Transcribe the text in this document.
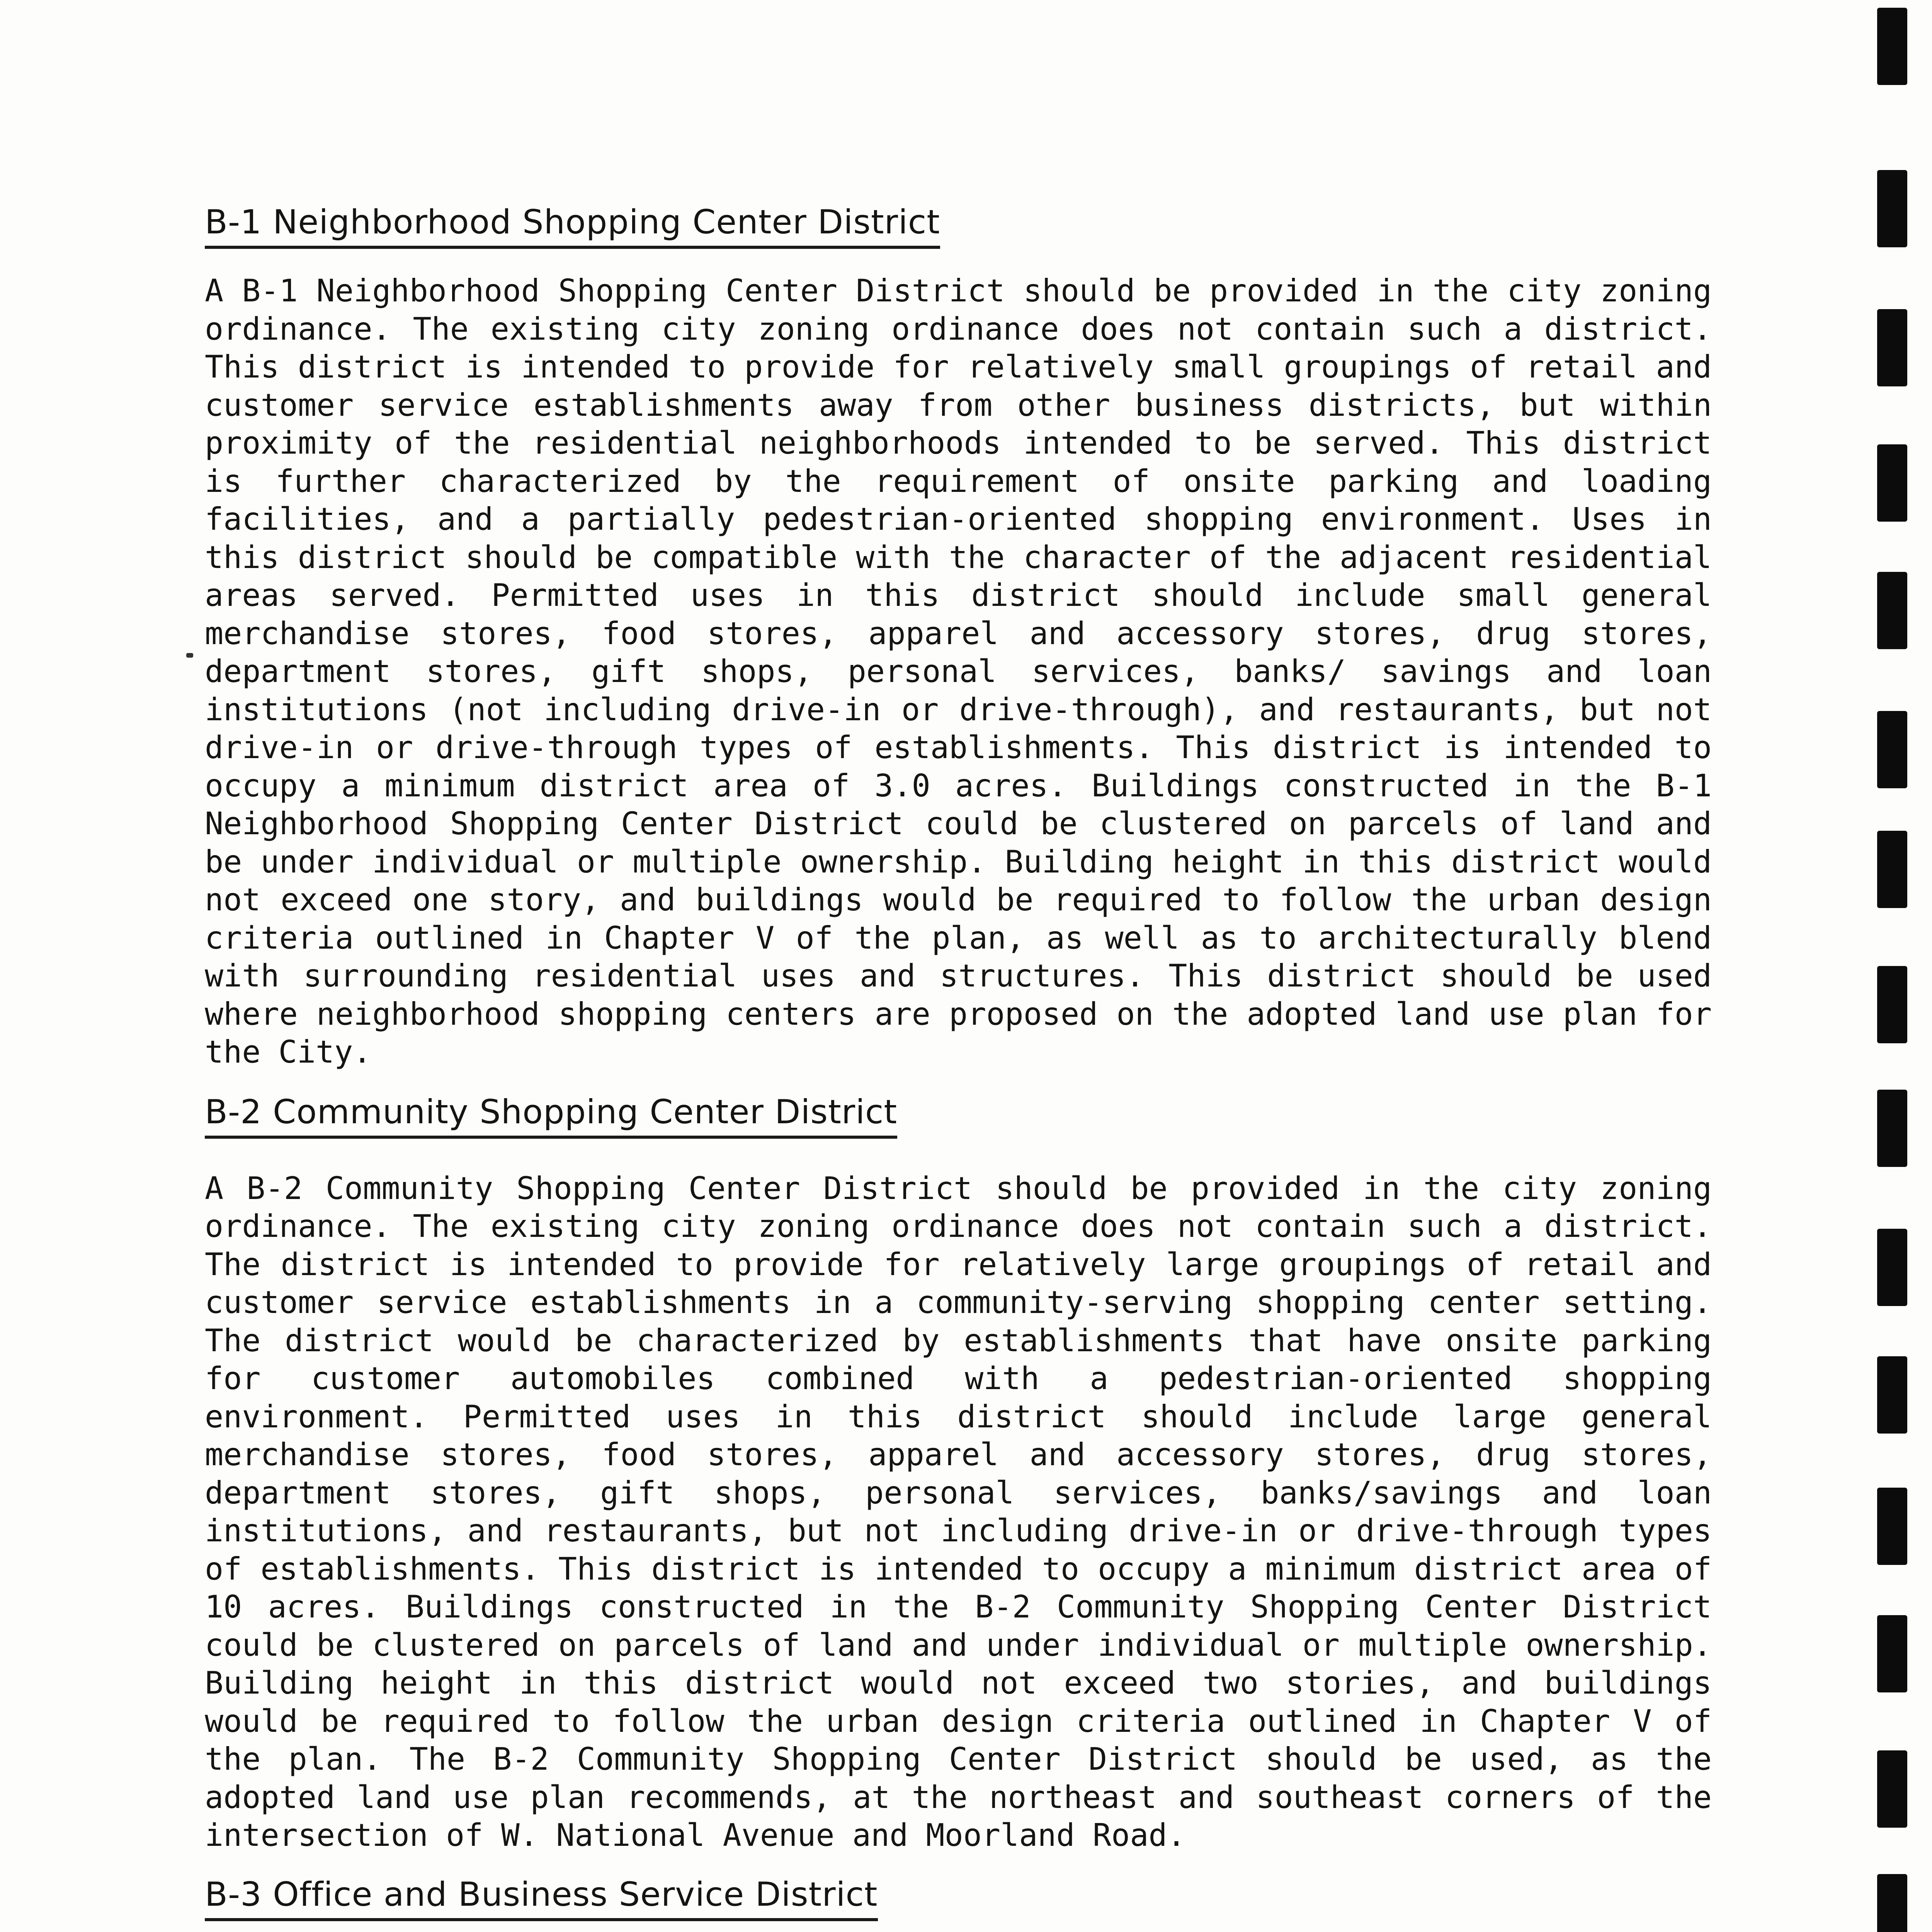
B-1 Neighborhood Shopping Center District

A B-1 Neighborhood Shopping Center District should be provided in the city zoning ordinance. The existing city zoning ordinance does not contain such a district. This district is intended to provide for relatively small groupings of retail and customer service establishments away from other business districts, but within proximity of the residential neighborhoods intended to be served. This district is further characterized by the requirement of onsite parking and loading facilities, and a partially pedestrian-oriented shopping environment. Uses in this district should be compatible with the character of the adjacent residential areas served. Permitted uses in this district should include small general merchandise stores, food stores, apparel and accessory stores, drug stores, department stores, gift shops, personal services, banks/ savings and loan institutions (not including drive-in or drive-through), and restaurants, but not drive-in or drive-through types of establishments. This district is intended to occupy a minimum district area of 3.0 acres. Buildings constructed in the B-1 Neighborhood Shopping Center District could be clustered on parcels of land and be under individual or multiple ownership. Building height in this district would not exceed one story, and buildings would be required to follow the urban design criteria outlined in Chapter V of the plan, as well as to architecturally blend with surrounding residential uses and structures. This district should be used where neighborhood shopping centers are proposed on the adopted land use plan for the City.

B-2 Community Shopping Center District

A B-2 Community Shopping Center District should be provided in the city zoning ordinance. The existing city zoning ordinance does not contain such a district. The district is intended to provide for relatively large groupings of retail and customer service establishments in a community-serving shopping center setting. The district would be characterized by establishments that have onsite parking for customer automobiles combined with a pedestrian-oriented shopping environment. Permitted uses in this district should include large general merchandise stores, food stores, apparel and accessory stores, drug stores, department stores, gift shops, personal services, banks/savings and loan institutions, and restaurants, but not including drive-in or drive-through types of establishments. This district is intended to occupy a minimum district area of 10 acres. Buildings constructed in the B-2 Community Shopping Center District could be clustered on parcels of land and under individual or multiple ownership. Building height in this district would not exceed two stories, and buildings would be required to follow the urban design criteria outlined in Chapter V of the plan. The B-2 Community Shopping Center District should be used, as the adopted land use plan recommends, at the northeast and southeast corners of the intersection of W. National Avenue and Moorland Road.

B-3 Office and Business Service District
